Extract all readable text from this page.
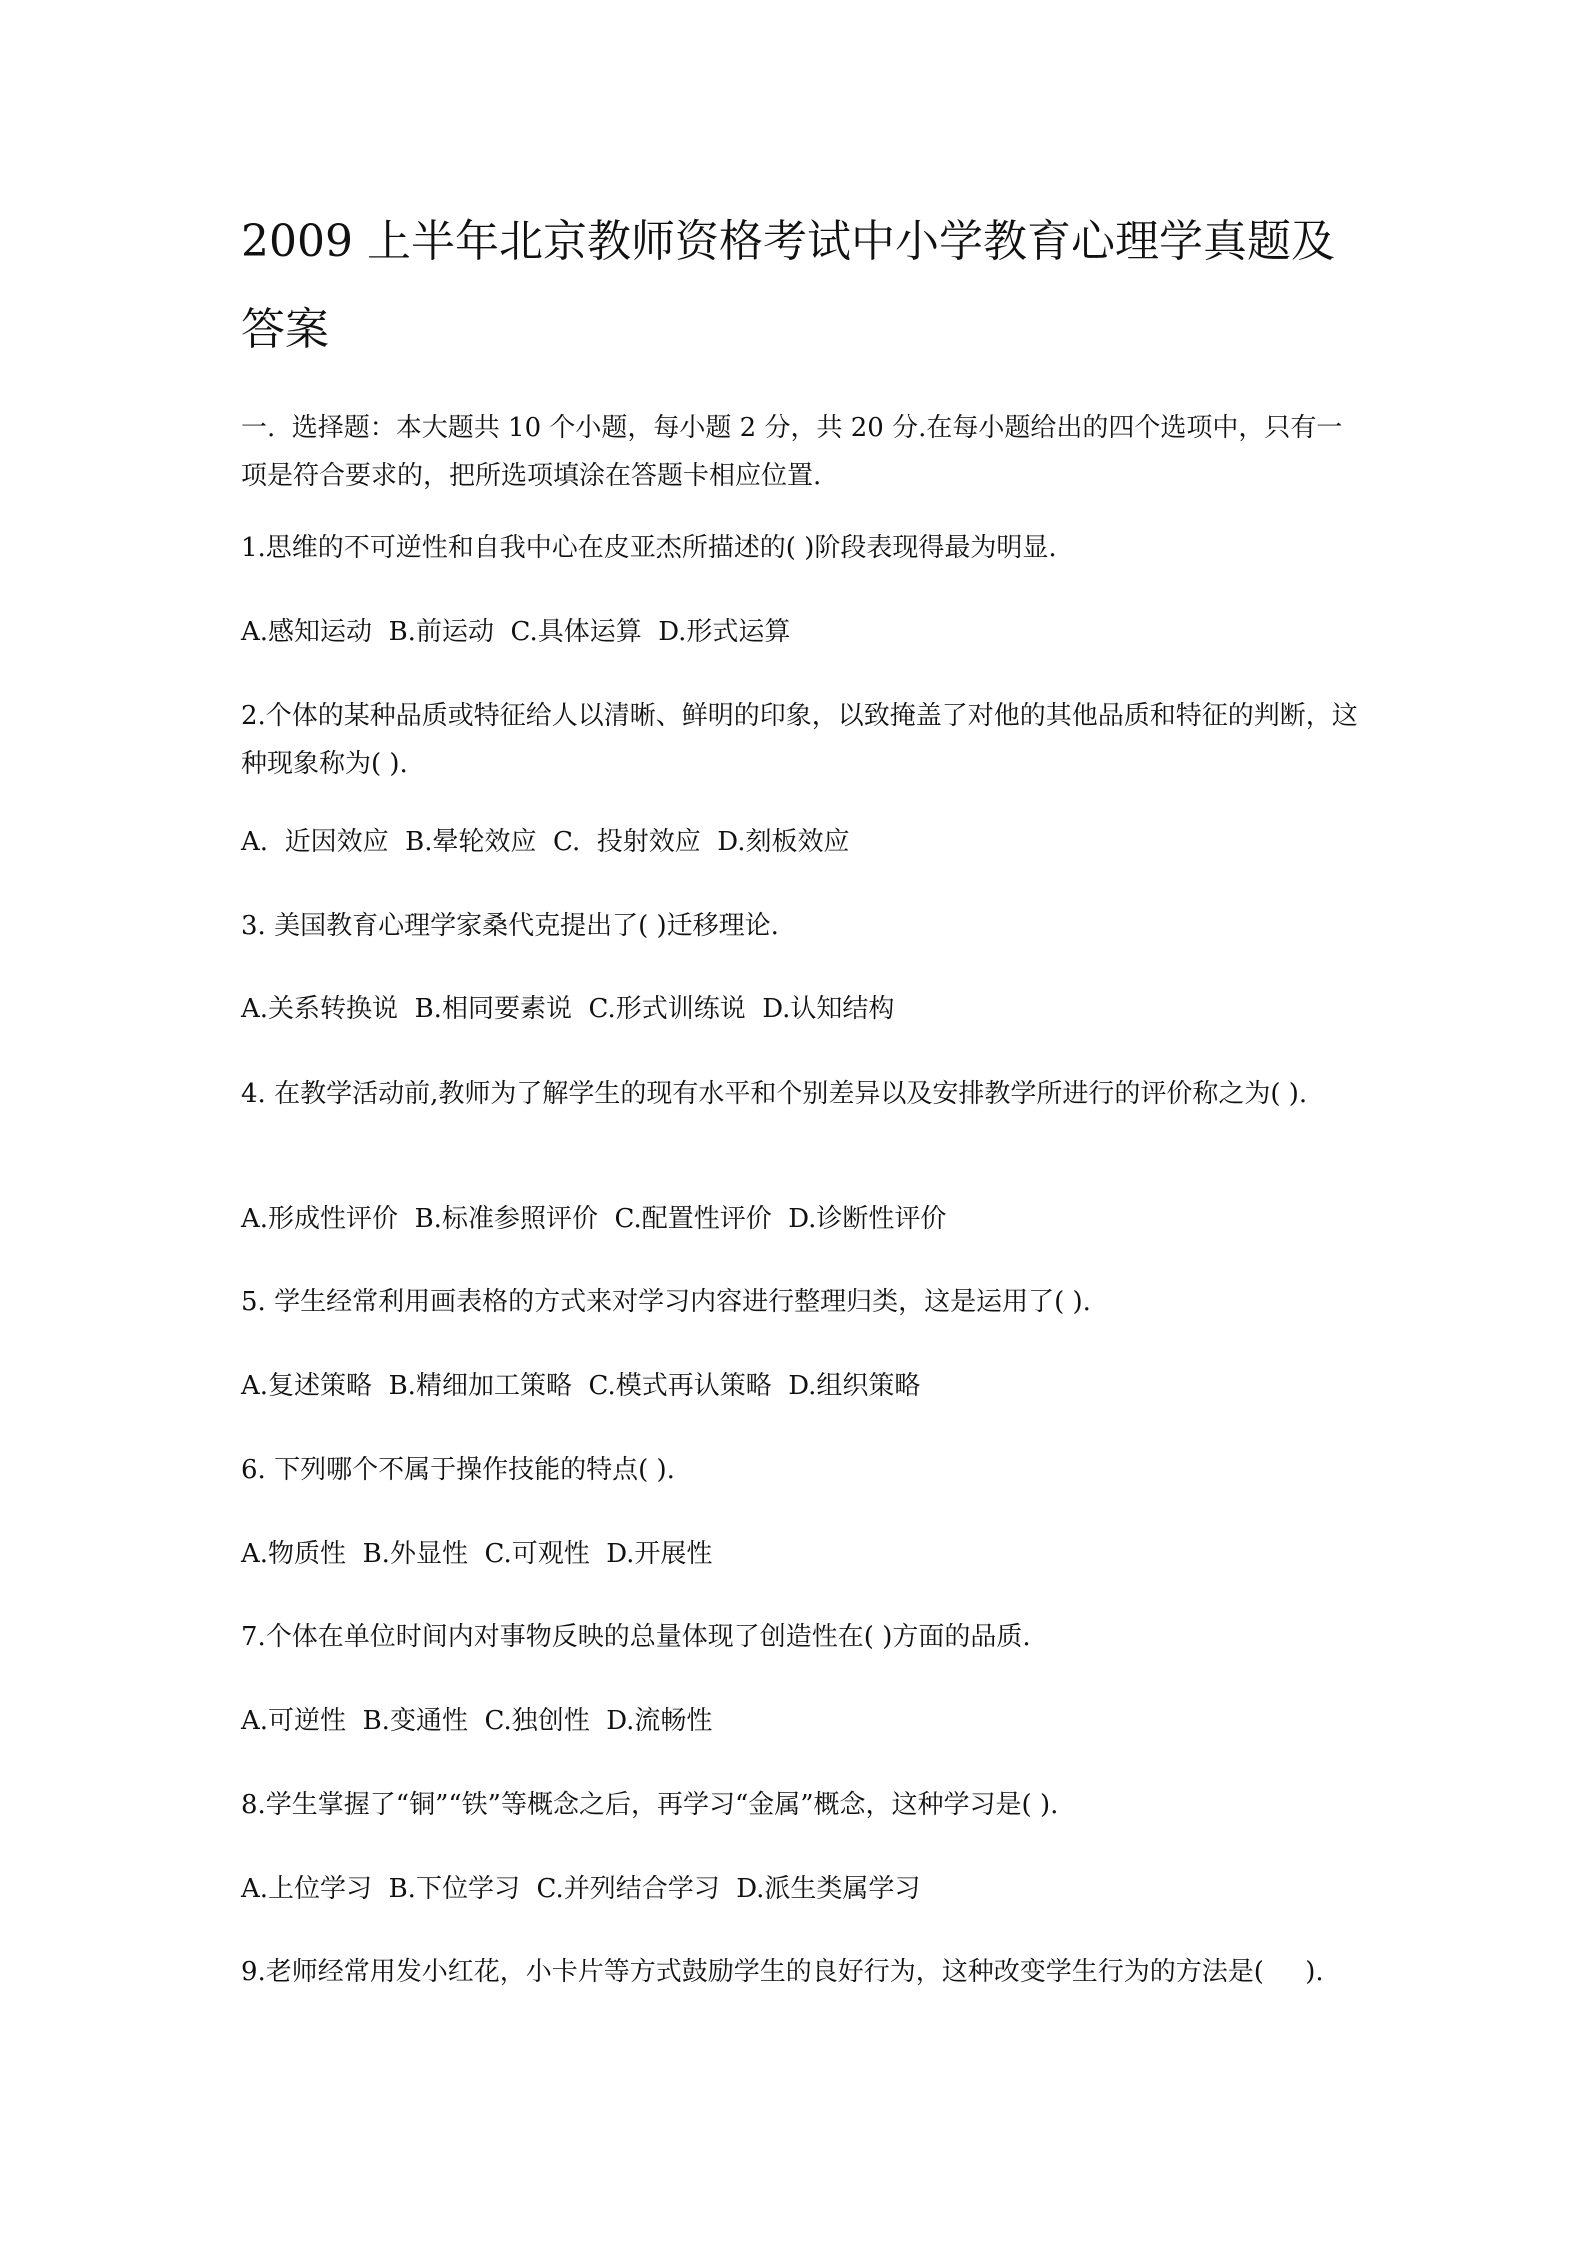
2009 上半年北京教师资格考试中小学教育心理学真题及答案

一.  选择题：本大题共 10 个小题，每小题 2 分，共 20 分.在每小题给出的四个选项中，只有一项是符合要求的，把所选项填涂在答题卡相应位置.

1.思维的不可逆性和自我中心在皮亚杰所描述的( )阶段表现得最为明显.

A.感知运动  B.前运动  C.具体运算  D.形式运算

2.个体的某种品质或特征给人以清晰、鲜明的印象，以致掩盖了对他的其他品质和特征的判断，这种现象称为( ).

A.  近因效应  B.晕轮效应  C.  投射效应  D.刻板效应

3. 美国教育心理学家桑代克提出了( )迁移理论.

A.关系转换说  B.相同要素说  C.形式训练说  D.认知结构

4. 在教学活动前,教师为了解学生的现有水平和个别差异以及安排教学所进行的评价称之为( ).

A.形成性评价  B.标准参照评价  C.配置性评价  D.诊断性评价

5. 学生经常利用画表格的方式来对学习内容进行整理归类，这是运用了( ).

A.复述策略  B.精细加工策略  C.模式再认策略  D.组织策略

6. 下列哪个不属于操作技能的特点( ).

A.物质性  B.外显性  C.可观性  D.开展性

7.个体在单位时间内对事物反映的总量体现了创造性在( )方面的品质.

A.可逆性  B.变通性  C.独创性  D.流畅性

8.学生掌握了“铜”“铁”等概念之后，再学习“金属”概念，这种学习是( ).

A.上位学习  B.下位学习  C.并列结合学习  D.派生类属学习

9.老师经常用发小红花，小卡片等方式鼓励学生的良好行为，这种改变学生行为的方法是(     ).
